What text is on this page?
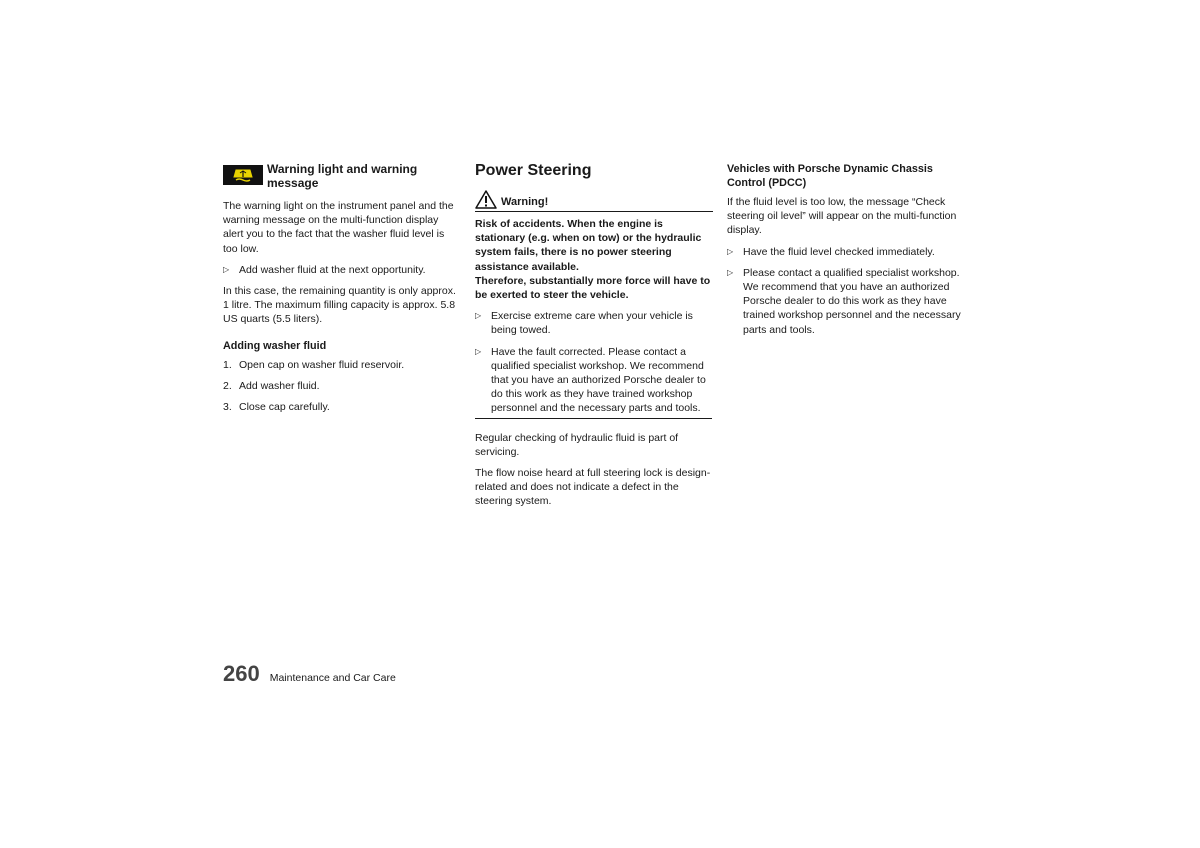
Warning light and warning message

The warning light on the instrument panel and the warning message on the multi-function display alert you to the fact that the washer fluid level is too low.

▷ Add washer fluid at the next opportunity.

In this case, the remaining quantity is only approx. 1 litre. The maximum filling capacity is approx. 5.8 US quarts (5.5 liters).

Adding washer fluid
1. Open cap on washer fluid reservoir.
2. Add washer fluid.
3. Close cap carefully.
Power Steering
Warning!

Risk of accidents. When the engine is stationary (e.g. when on tow) or the hydraulic system fails, there is no power steering assistance available.

Therefore, substantially more force will have to be exerted to steer the vehicle.

▷ Exercise extreme care when your vehicle is being towed.
▷ Have the fault corrected. Please contact a qualified specialist workshop. We recommend that you have an authorized Porsche dealer to do this work as they have trained workshop personnel and the necessary parts and tools.

Regular checking of hydraulic fluid is part of servicing.

The flow noise heard at full steering lock is design-related and does not indicate a defect in the steering system.

Vehicles with Porsche Dynamic Chassis Control (PDCC)

If the fluid level is too low, the message “Check steering oil level” will appear on the multi-function display.

▷ Have the fluid level checked immediately.
▷ Please contact a qualified specialist workshop. We recommend that you have an authorized Porsche dealer to do this work as they have trained workshop personnel and the necessary parts and tools.
260 Maintenance and Car Care
